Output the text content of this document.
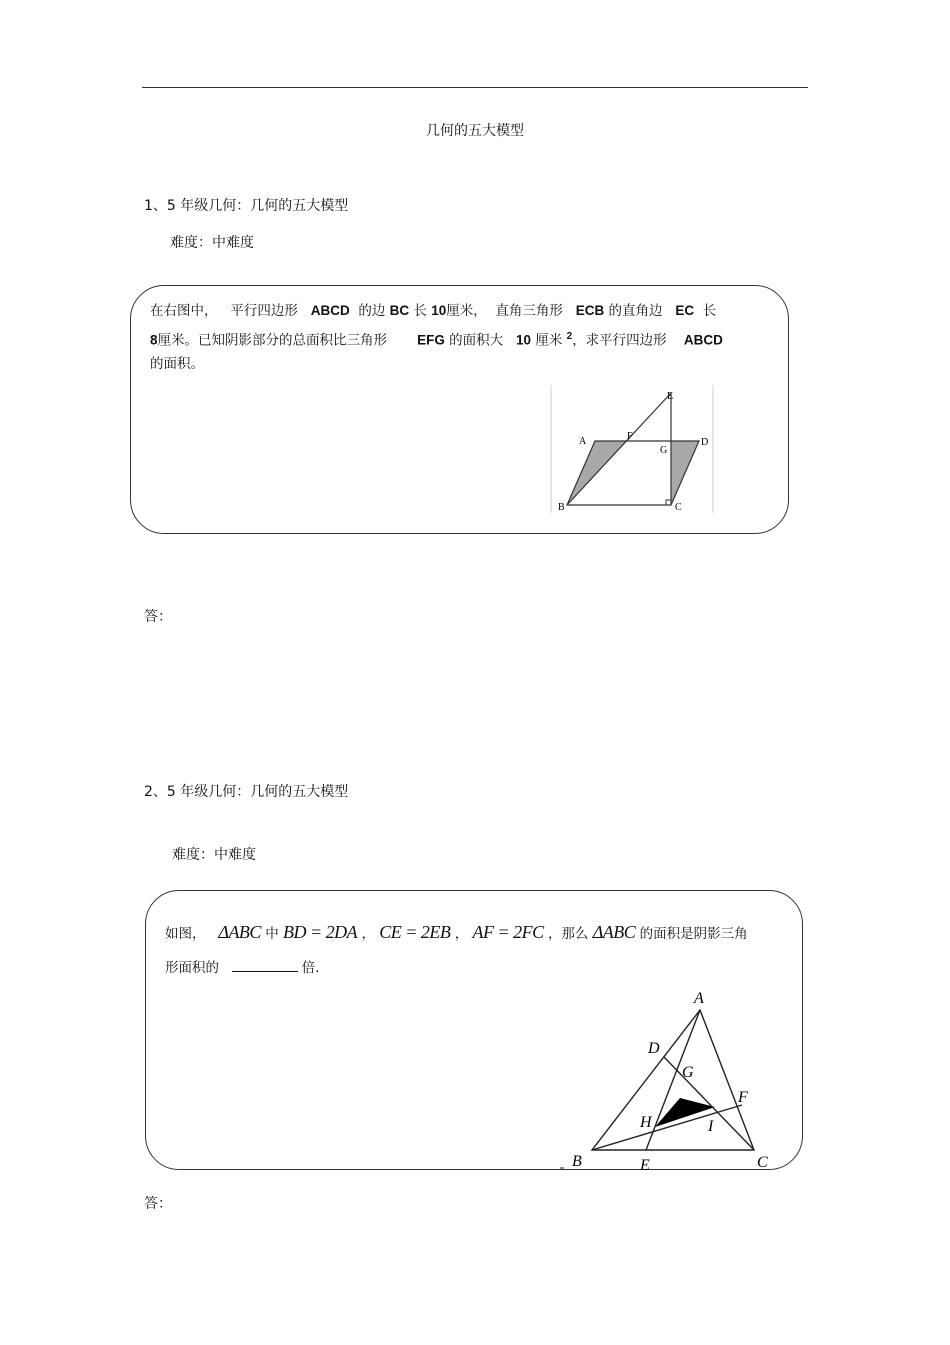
几何的五大模型
1、5 年级几何：几何的五大模型
难度：中难度
在右图中， 平行四边形 ABCD 的边 BC 长 10厘米， 直角三角形 ECB 的直角边 EC 长
8厘米。已知阴影部分的总面积比三角形 EFG 的面积大 10 厘米 $^2$，求平行四边形 ABCD
的面积。
E
A	F
G
D
B	C
答：
2、5 年级几何：几何的五大模型
难度：中难度
如图， ΔABC 中 BD = 2DA ， CE = 2EB ， AF = 2FC ，那么 ΔABC 的面积是阴影三角
形面积的	倍.
A
D
G
F
H	I
B	E	C
答：
